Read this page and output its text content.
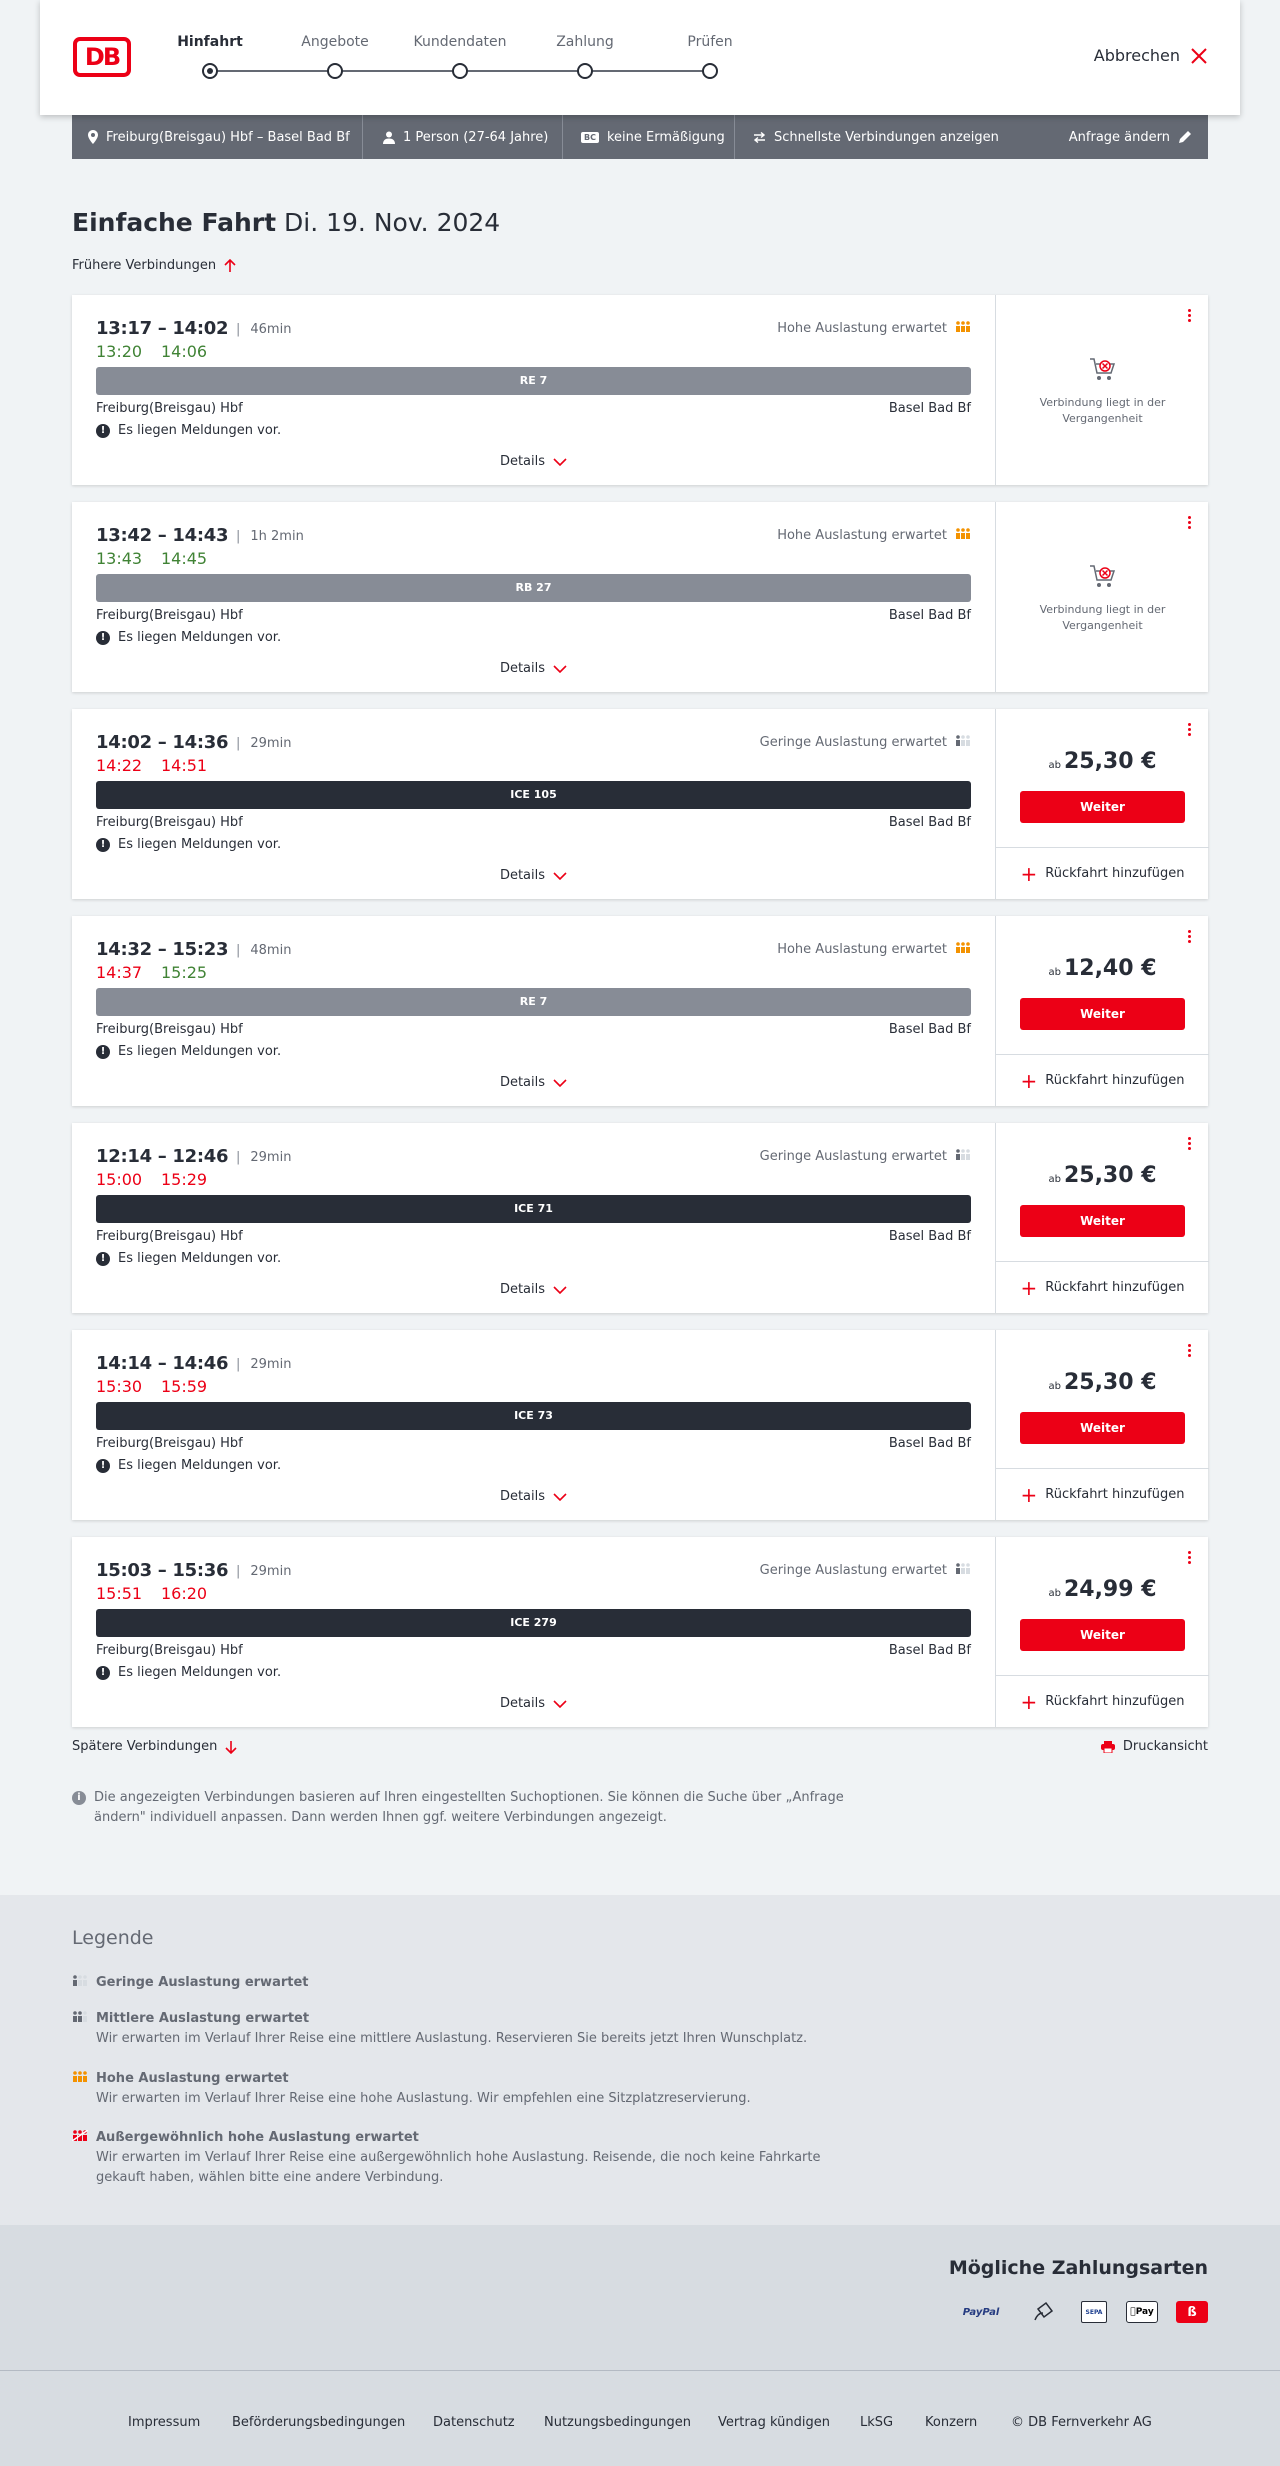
DB
Hinfahrt	Angebote	Kundendaten	Zahlung	Prüfen
Abbrechen
Freiburg(Breisgau) Hbf – Basel Bad Bf	1 Person (27-64 Jahre)	BC keine Ermäßigung	Schnellste Verbindungen anzeigen	Anfrage ändern
Einfache Fahrt Di. 19. Nov. 2024
Frühere Verbindungen
13:17 – 14:02	| 46min
13:20 14:06
Hohe Auslastung erwartet
RE 7
Freiburg(Breisgau) Hbf	Basel Bad Bf
! Es liegen Meldungen vor.
Details
Verbindung liegt in der Vergangenheit
13:42 – 14:43	| 1h 2min
13:43 14:45
Hohe Auslastung erwartet
RB 27
Freiburg(Breisgau) Hbf	Basel Bad Bf
! Es liegen Meldungen vor.
Details
Verbindung liegt in der Vergangenheit
14:02 – 14:36	| 29min
14:22 14:51
Geringe Auslastung erwartet
ICE 105
Freiburg(Breisgau) Hbf	Basel Bad Bf
! Es liegen Meldungen vor.
Details
ab 25,30 €
Weiter
+ Rückfahrt hinzufügen
14:32 – 15:23	| 48min
14:37 15:25
Hohe Auslastung erwartet
RE 7
Freiburg(Breisgau) Hbf	Basel Bad Bf
! Es liegen Meldungen vor.
Details
ab 12,40 €
Weiter
+ Rückfahrt hinzufügen
12:14 – 12:46	| 29min
15:00 15:29
Geringe Auslastung erwartet
ICE 71
Freiburg(Breisgau) Hbf	Basel Bad Bf
! Es liegen Meldungen vor.
Details
ab 25,30 €
Weiter
+ Rückfahrt hinzufügen
14:14 – 14:46	| 29min
15:30 15:59
ICE 73
Freiburg(Breisgau) Hbf	Basel Bad Bf
! Es liegen Meldungen vor.
Details
ab 25,30 €
Weiter
+ Rückfahrt hinzufügen
15:03 – 15:36	| 29min
15:51 16:20
Geringe Auslastung erwartet
ICE 279
Freiburg(Breisgau) Hbf	Basel Bad Bf
! Es liegen Meldungen vor.
Details
ab 24,99 €
Weiter
+ Rückfahrt hinzufügen
Spätere Verbindungen	Druckansicht
i	Die angezeigten Verbindungen basieren auf Ihren eingestellten Suchoptionen. Sie können die Suche über „Anfrage ändern" individuell anpassen. Dann werden Ihnen ggf. weitere Verbindungen angezeigt.
Legende
Geringe Auslastung erwartet
Mittlere Auslastung erwartet
Wir erwarten im Verlauf Ihrer Reise eine mittlere Auslastung. Reservieren Sie bereits jetzt Ihren Wunschplatz.
Hohe Auslastung erwartet
Wir erwarten im Verlauf Ihrer Reise eine hohe Auslastung. Wir empfehlen eine Sitzplatzreservierung.
Außergewöhnlich hohe Auslastung erwartet
Wir erwarten im Verlauf Ihrer Reise eine außergewöhnlich hohe Auslastung. Reisende, die noch keine Fahrkarte gekauft haben, wählen bitte eine andere Verbindung.
Mögliche Zahlungsarten
PayPal	SEPA	Pay	ß
Impressum Beförderungsbedingungen Datenschutz Nutzungsbedingungen Vertrag kündigen LkSG Konzern	© DB Fernverkehr AG
